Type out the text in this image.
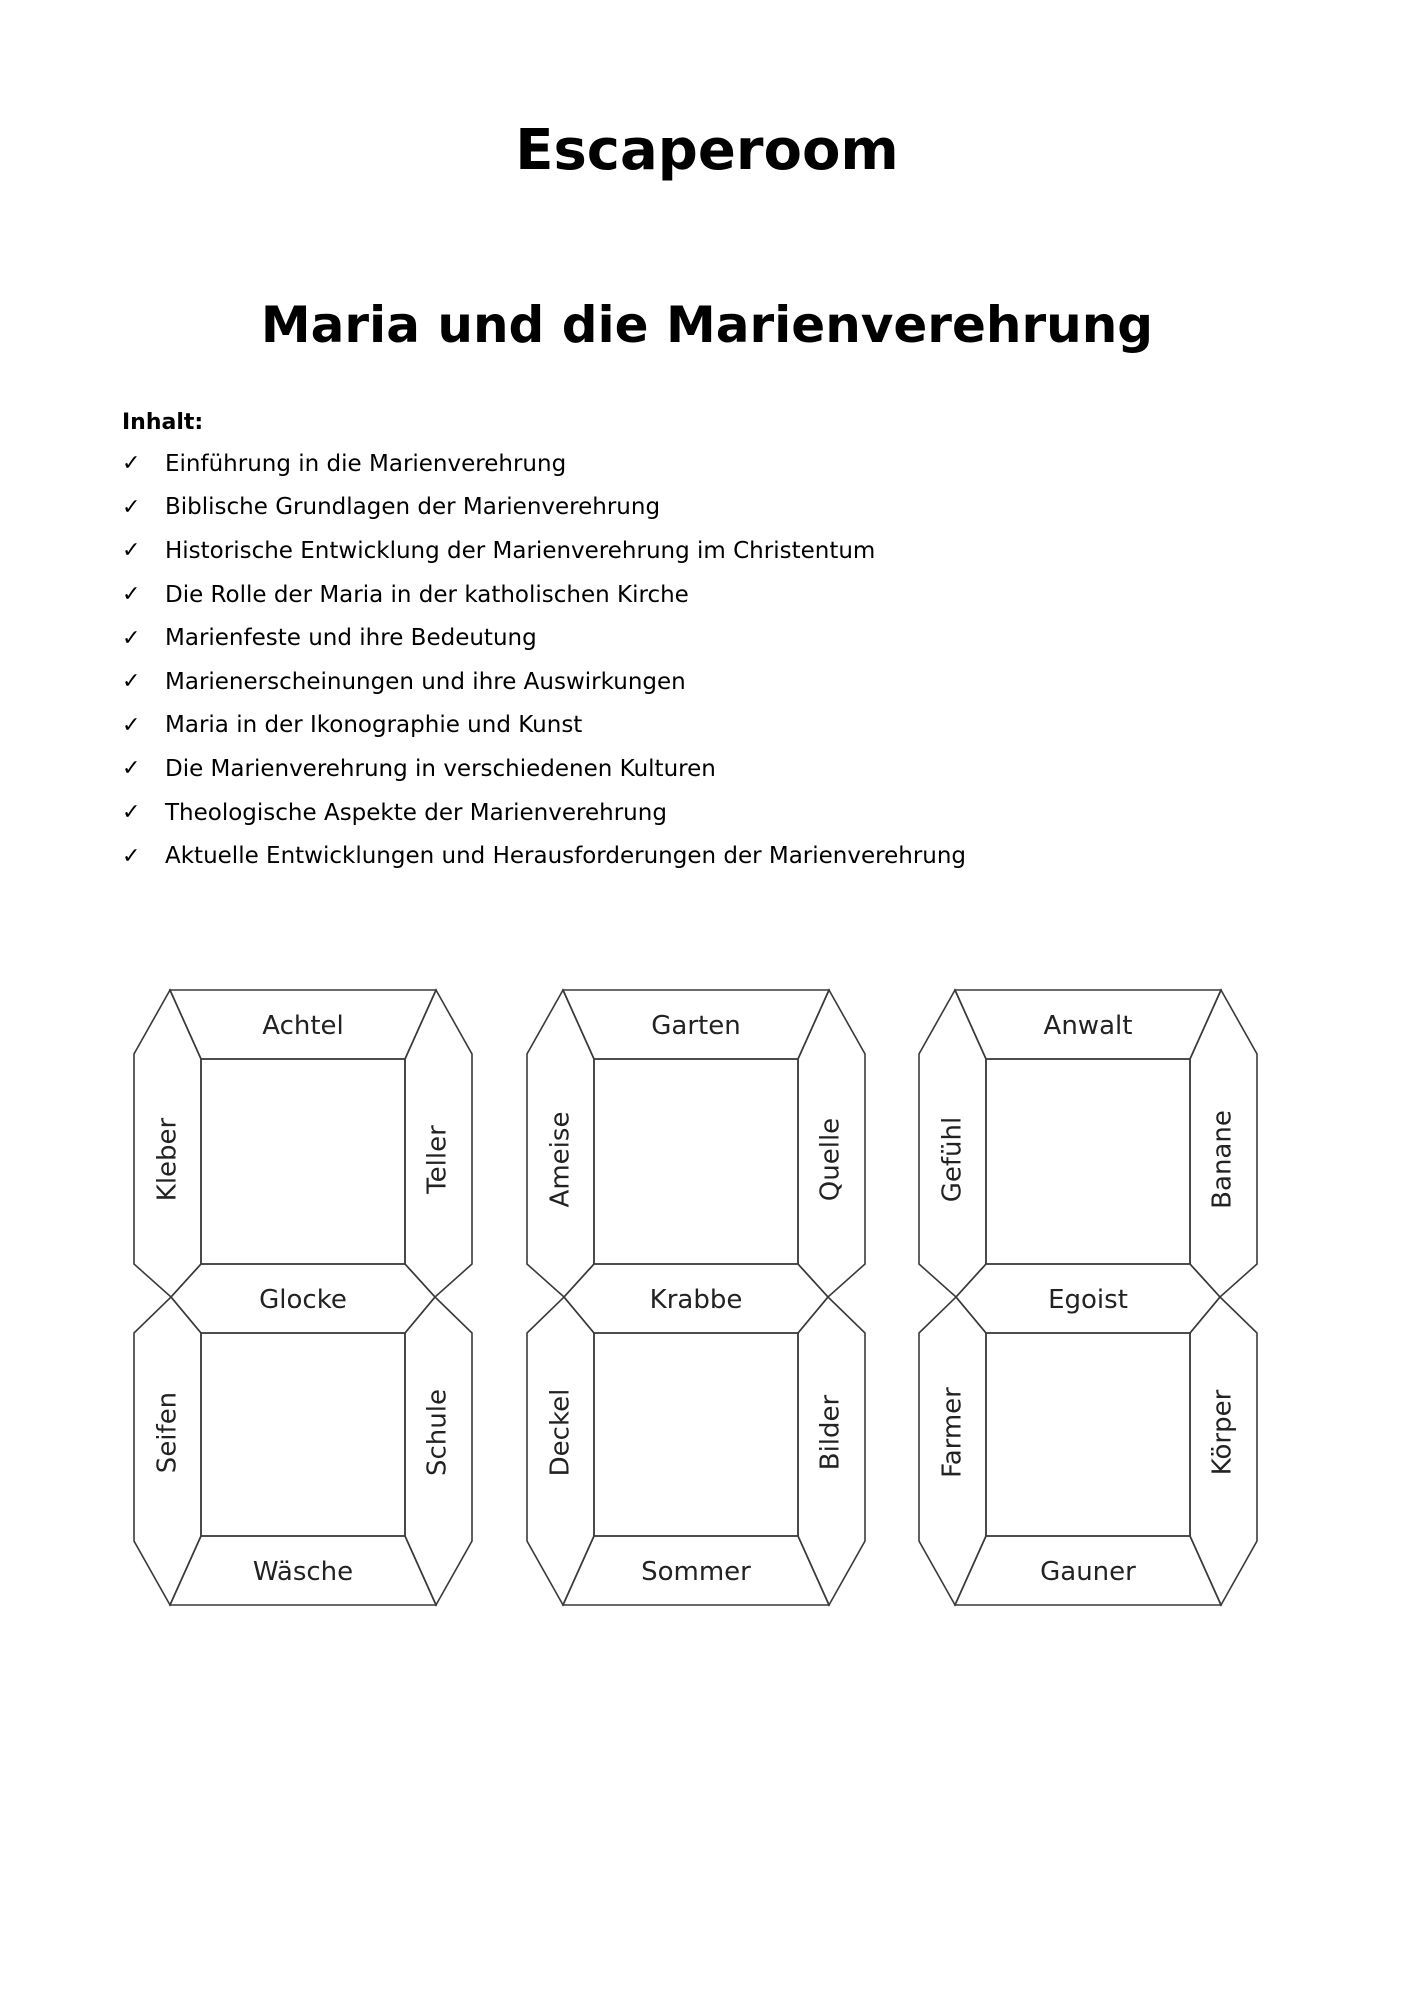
Escaperoom
Maria und die Marienverehrung
Inhalt:
✓	Einführung in die Marienverehrung
✓	Biblische Grundlagen der Marienverehrung
✓	Historische Entwicklung der Marienverehrung im Christentum
✓	Die Rolle der Maria in der katholischen Kirche
✓	Marienfeste und ihre Bedeutung
✓	Marienerscheinungen und ihre Auswirkungen
✓	Maria in der Ikonographie und Kunst
✓	Die Marienverehrung in verschiedenen Kulturen
✓	Theologische Aspekte der Marienverehrung
✓	Aktuelle Entwicklungen und Herausforderungen der Marienverehrung
Achtel
Kleber	Teller
Glocke
Seifen	Schule
Wäsche
Garten
Ameise	Quelle
Krabbe
Deckel	Bilder
Sommer
Anwalt
Gefühl	Banane
Egoist
Farmer	Körper
Gauner
